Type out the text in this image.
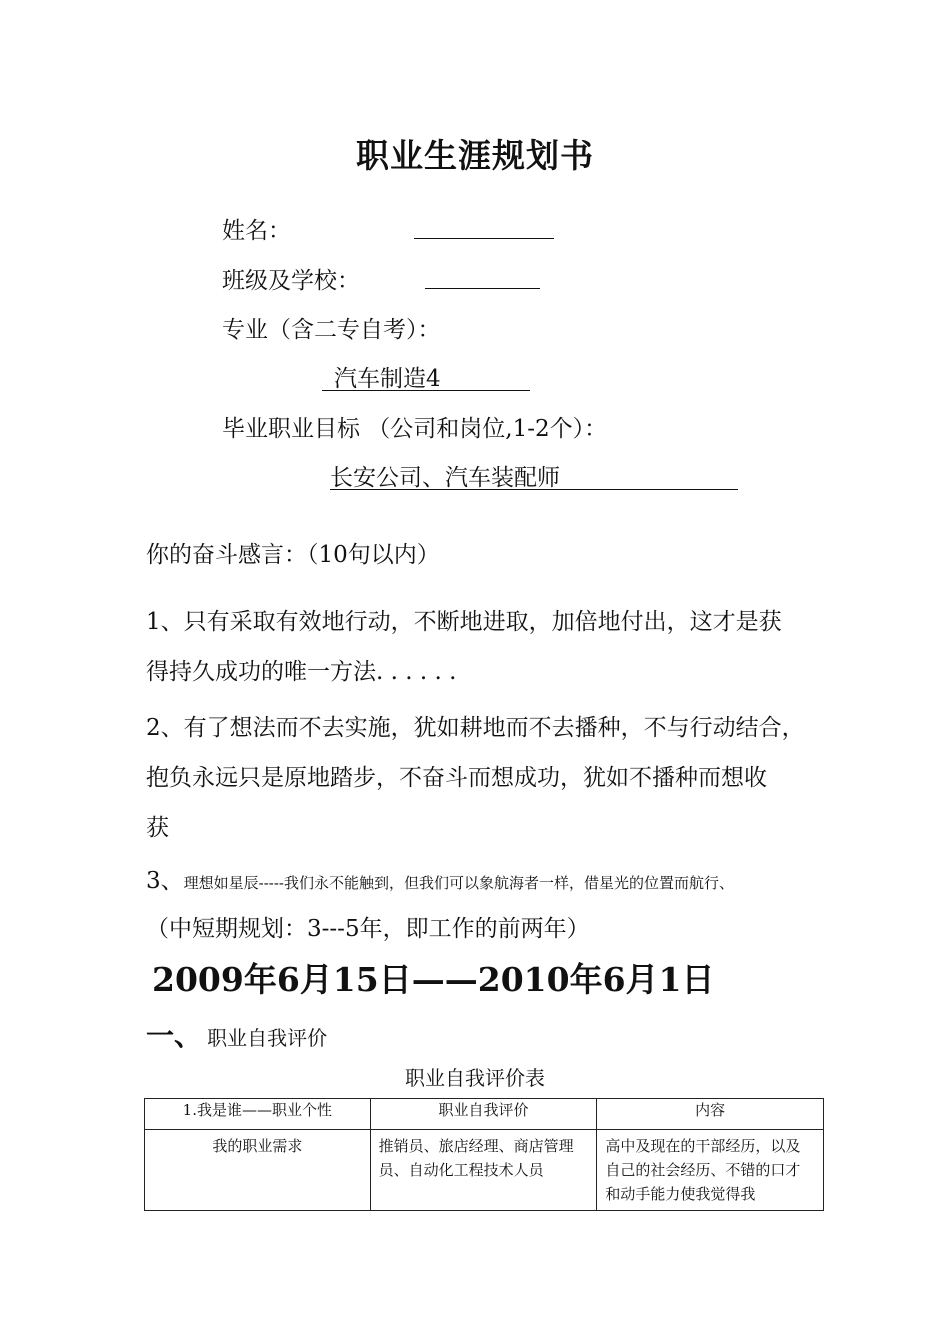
职业生涯规划书
姓名：
班级及学校：
专业（含二专自考）：
汽车制造4
毕业职业目标 （公司和岗位,1-2个）：
长安公司、汽车装配师
你的奋斗感言：（10句以内）
1、只有采取有效地行动，不断地进取，加倍地付出，这才是获
得持久成功的唯一方法. . . . . .
2、有了想法而不去实施，犹如耕地而不去播种，不与行动结合，
抱负永远只是原地踏步，不奋斗而想成功，犹如不播种而想收
获
3、理想如星辰-----我们永不能触到，但我们可以象航海者一样，借星光的位置而航行、
（中短期规划：3---5年，即工作的前两年）
2009年6月15日——2010年6月1日
一、 职业自我评价
职业自我评价表
1.我是谁——职业个性	职业自我评价	内容
我的职业需求	推销员、旅店经理、商店管理员、自动化工程技术人员	高中及现在的干部经历，以及自己的社会经历、不错的口才和动手能力使我觉得我
